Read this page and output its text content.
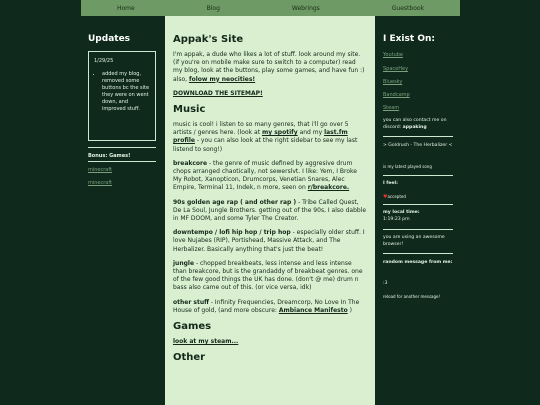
Home	Blog	Webrings	Guestbook
Updates
1/29/25
• added my blog, removed some buttons bc the site they were on went down, and improved stuff.
Bonus: Games!
minecraft
minecraft
Appak's Site

I'm appak, a dude who likes a lot of stuff. look around my site. (if you're on mobile make sure to switch to a computer) read my blog, look at the buttons, play some games, and have fun :) also, folow my neocities!

DOWNLOAD THE SITEMAP!

Music

music is cool! i listen to so many genres, that i'll go over 5 artists / genres here. (look at my spotify and my last.fm profile - you can also look at the right sidebar to see my last listend to song!)

breakcore - the genre of music defined by aggresive drum chops arranged chaotically, not sewerslvt. I like: Yem, I Broke My Robot, Xanopticon, Drumcorps, Venetian Snares, Alec Empire, Terminal 11, Indek, n more, seen on r/breakcore.

90s golden age rap ( and other rap ) - Tribe Called Quest, De La Soul, Jungle Brothers. getting out of the 90s, I also dabble in MF DOOM, and some Tyler The Creator.

downtempo / lofi hip hop / trip hop - especially older stuff. I love Nujabes (RIP), Portishead, Massive Attack, and The Herbalizer. Basically anything that's just the beat!

jungle - chopped breakbeats, less intense and less intense than breakcore, but is the grandaddy of breakbeat genres. one of the few good things the UK has done. (don't @ me) drum n bass also came out of this. (or vice versa, idk)

other stuff - Infinity Frequencies, Dreamcorp, No Love In The House of gold, (and more obscure: Ambiance Manifesto )

Games

look at my steam...

Other
I Exist On:
Youtube
SpaceHey
Bluesky
Bandcamp
Steam
you can also contact me on discord: appaking
> Goldrush - The Herbalizer <
is my latest played song
I feel:
♥accepted
my local time:
1:19:23 pm
you are using an awesome browser!
random message from me:
:3
reload for another message!
